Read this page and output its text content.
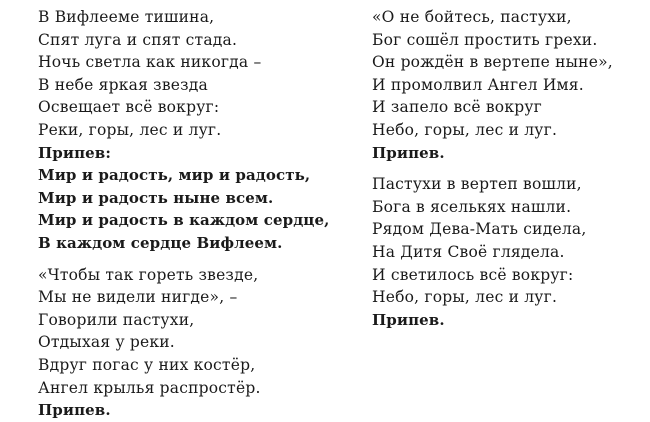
В Вифлееме тишина,
Спят луга и спят стада.
Ночь светла как никогда –
В небе яркая звезда
Освещает всё вокруг:
Реки, горы, лес и луг.
Припев:
Мир и радость, мир и радость,
Мир и радость ныне всем.
Мир и радость в каждом сердце,
В каждом сердце Вифлеем.
«Чтобы так гореть звезде,
Мы не видели нигде», –
Говорили пастухи,
Отдыхая у реки.
Вдруг погас у них костёр,
Ангел крылья распростёр.
Припев.
«О не бойтесь, пастухи,
Бог сошёл простить грехи.
Он рождён в вертепе ныне»,
И промолвил Ангел Имя.
И запело всё вокруг
Небо, горы, лес и луг.
Припев.
Пастухи в вертеп вошли,
Бога в яселькях нашли.
Рядом Дева-Мать сидела,
На Дитя Своё глядела.
И светилось всё вокруг:
Небо, горы, лес и луг.
Припев.
